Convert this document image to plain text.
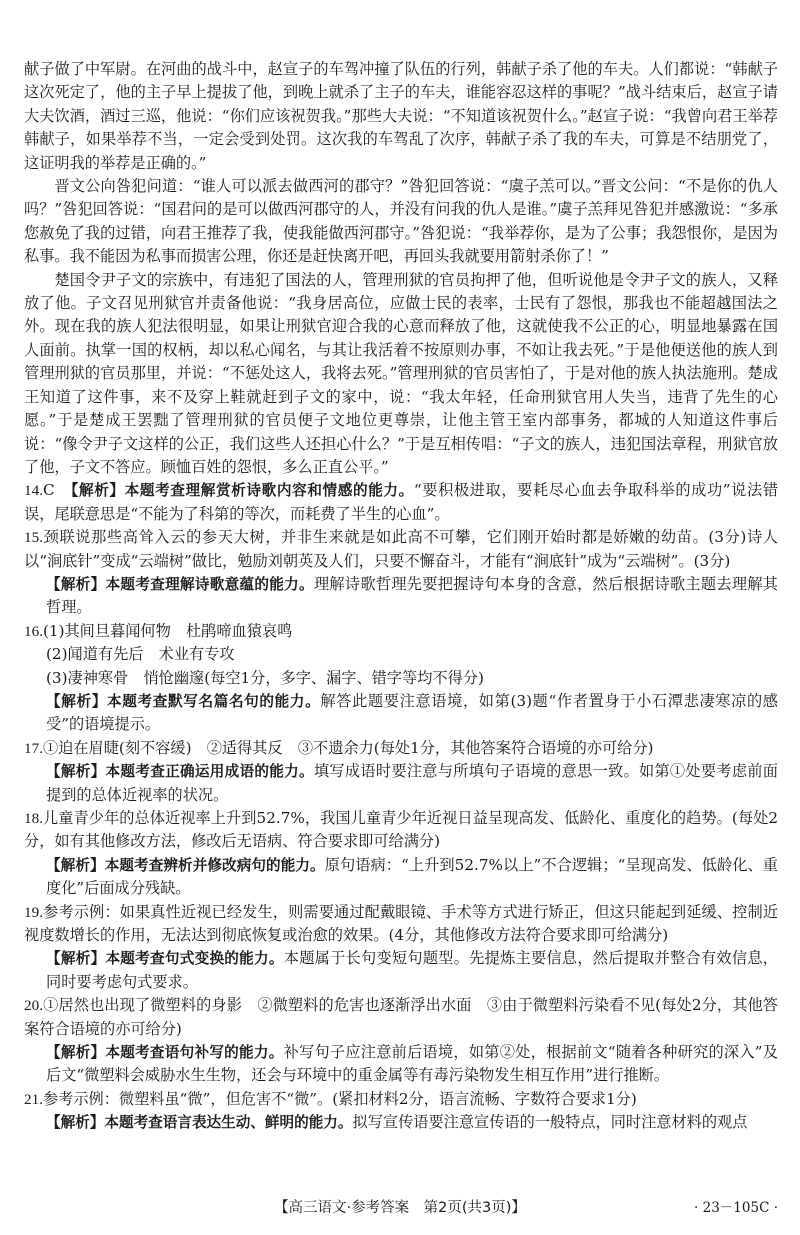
献子做了中军尉。在河曲的战斗中，赵宣子的车驾冲撞了队伍的行列，韩献子杀了他的车夫。人们都说：“韩献子这次死定了，他的主子早上提拔了他，到晚上就杀了主子的车夫，谁能容忍这样的事呢？”战斗结束后，赵宣子请大夫饮酒，酒过三巡，他说：“你们应该祝贺我。”那些大夫说：“不知道该祝贺什么。”赵宣子说：“我曾向君王举荐韩献子，如果举荐不当，一定会受到处罚。这次我的车驾乱了次序，韩献子杀了我的车夫，可算是不结朋党了，这证明我的举荐是正确的。”

晋文公向咎犯问道：“谁人可以派去做西河的郡守？”咎犯回答说：“虞子羔可以。”晋文公问：“不是你的仇人吗？”咎犯回答说：“国君问的是可以做西河郡守的人，并没有问我的仇人是谁。”虞子羔拜见咎犯并感激说：“多承您赦免了我的过错，向君王推荐了我，使我能做西河郡守。”咎犯说：“我举荐你，是为了公事；我怨恨你，是因为私事。我不能因为私事而损害公理，你还是赶快离开吧，再回头我就要用箭射杀你了！”

楚国令尹子文的宗族中，有违犯了国法的人，管理刑狱的官员拘押了他，但听说他是令尹子文的族人，又释放了他。子文召见刑狱官并责备他说：“我身居高位，应做士民的表率，士民有了怨恨，那我也不能超越国法之外。现在我的族人犯法很明显，如果让刑狱官迎合我的心意而释放了他，这就使我不公正的心，明显地暴露在国人面前。执掌一国的权柄，却以私心闻名，与其让我活着不按原则办事，不如让我去死。”于是他便送他的族人到管理刑狱的官员那里，并说：“不惩处这人，我将去死。”管理刑狱的官员害怕了，于是对他的族人执法施刑。楚成王知道了这件事，来不及穿上鞋就赶到子文的家中，说：“我太年轻，任命刑狱官用人失当，违背了先生的心愿。”于是楚成王罢黜了管理刑狱的官员便子文地位更尊崇，让他主管王室内部事务，都城的人知道这件事后说：“像令尹子文这样的公正，我们这些人还担心什么？”于是互相传唱：“子文的族人，违犯国法章程，刑狱官放了他，子文不答应。顾恤百姓的怨恨，多么正直公平。”

14.C　 【解析】本题考查理解赏析诗歌内容和情感的能力。“要积极进取，要耗尽心血去争取科举的成功”说法错误，尾联意思是“不能为了科第的等次，而耗费了半生的心血”。

15.颈联说那些高耸入云的参天大树，并非生来就是如此高不可攀，它们刚开始时都是娇嫩的幼苗。(3分)诗人以“涧底针”变成“云端树”做比，勉励刘朝英及人们，只要不懈奋斗，才能有“涧底针”成为“云端树”。(3分)

【解析】本题考查理解诗歌意蕴的能力。理解诗歌哲理先要把握诗句本身的含意，然后根据诗歌主题去理解其哲理。

16.(1)其间旦暮闻何物　杜鹃啼血猿哀鸣

(2)闻道有先后　术业有专攻

(3)凄神寒骨　悄怆幽邃(每空1分，多字、漏字、错字等均不得分)

【解析】本题考查默写名篇名句的能力。解答此题要注意语境，如第(3)题“作者置身于小石潭悲凄寒凉的感受”的语境提示。

17.①迫在眉睫(刻不容缓)　②适得其反　③不遗余力(每处1分，其他答案符合语境的亦可给分)

【解析】本题考查正确运用成语的能力。填写成语时要注意与所填句子语境的意思一致。如第①处要考虑前面提到的总体近视率的状况。

18.儿童青少年的总体近视率上升到52.7%，我国儿童青少年近视日益呈现高发、低龄化、重度化的趋势。(每处2分，如有其他修改方法，修改后无语病、符合要求即可给满分)

【解析】本题考查辨析并修改病句的能力。原句语病：“上升到52.7%以上”不合逻辑；“呈现高发、低龄化、重度化”后面成分残缺。

19.参考示例：如果真性近视已经发生，则需要通过配戴眼镜、手术等方式进行矫正，但这只能起到延缓、控制近视度数增长的作用，无法达到彻底恢复或治愈的效果。(4分，其他修改方法符合要求即可给满分)

【解析】本题考查句式变换的能力。本题属于长句变短句题型。先提炼主要信息，然后提取并整合有效信息，同时要考虑句式要求。

20.①居然也出现了微塑料的身影　②微塑料的危害也逐渐浮出水面　③由于微塑料污染看不见(每处2分，其他答案符合语境的亦可给分)

【解析】本题考查语句补写的能力。补写句子应注意前后语境，如第②处，根据前文“随着各种研究的深入”及后文“微塑料会威胁水生生物，还会与环境中的重金属等有毒污染物发生相互作用”进行推断。

21.参考示例：微塑料虽“微”，但危害不“微”。(紧扣材料2分，语言流畅、字数符合要求1分)

【解析】本题考查语言表达生动、鲜明的能力。拟写宣传语要注意宣传语的一般特点，同时注意材料的观点

【高三语文·参考答案　第2页(共3页)】	· 23－105C ·
